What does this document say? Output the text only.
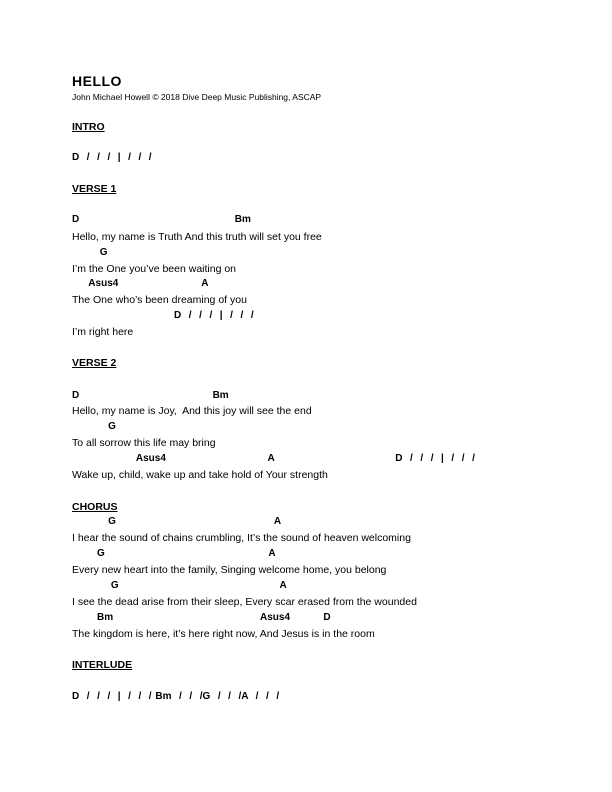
HELLO
John Michael Howell © 2018 Dive Deep Music Publishing, ASCAP
INTRO
D  /  /  /  |  /  /  /
VERSE 1
D                                                        Bm
Hello, my name is Truth And this truth will set you free
G
I’m the One you’ve been waiting on
Asus4                              A
The One who’s been dreaming of you
D  /  /  /  |  /  /  /
I’m right here
VERSE 2
D                                                Bm
Hello, my name is Joy,  And this joy will see the end
G
To all sorrow this life may bring
Asus4                           A                                D  /  /  /  |  /  /  /
Wake up, child, wake up and take hold of Your strength
CHORUS
G                                                         A
I hear the sound of chains crumbling, It’s the sound of heaven welcoming
G                                                           A
Every new heart into the family, Singing welcome home, you belong
G                                                          A
I see the dead arise from their sleep, Every scar erased from the wounded
Bm                                                     Asus4            D
The kingdom is here, it’s here right now, And Jesus is in the room
INTERLUDE
D  /  /  /  |  /  /  / Bm  /  /  /G  /  /  /A  /  /  /
